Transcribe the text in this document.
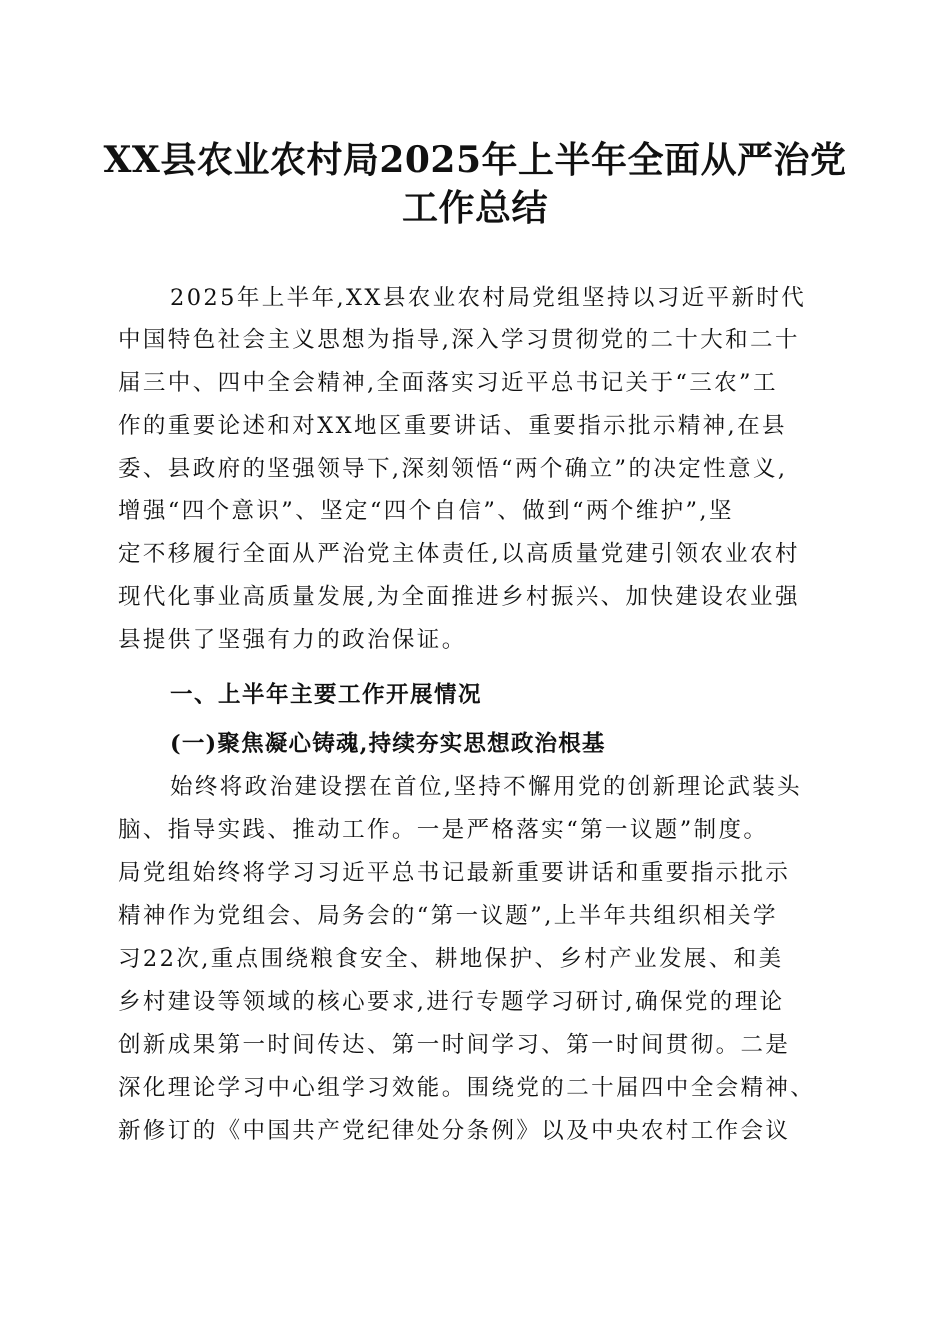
XX县农业农村局2025年上半年全面从严治党
工作总结

2025年上半年,XX县农业农村局党组坚持以习近平新时代

中国特色社会主义思想为指导,深入学习贯彻党的二十大和二十

届三中、四中全会精神,全面落实习近平总书记关于“三农”工

作的重要论述和对XX地区重要讲话、重要指示批示精神,在县

委、县政府的坚强领导下,深刻领悟“两个确立”的决定性意义,

增强“四个意识”、坚定“四个自信”、做到“两个维护”,坚

定不移履行全面从严治党主体责任,以高质量党建引领农业农村

现代化事业高质量发展,为全面推进乡村振兴、加快建设农业强

县提供了坚强有力的政治保证。

一、上半年主要工作开展情况

(一)聚焦凝心铸魂,持续夯实思想政治根基

始终将政治建设摆在首位,坚持不懈用党的创新理论武装头

脑、指导实践、推动工作。一是严格落实“第一议题”制度。

局党组始终将学习习近平总书记最新重要讲话和重要指示批示

精神作为党组会、局务会的“第一议题”,上半年共组织相关学

习22次,重点围绕粮食安全、耕地保护、乡村产业发展、和美

乡村建设等领域的核心要求,进行专题学习研讨,确保党的理论

创新成果第一时间传达、第一时间学习、第一时间贯彻。二是

深化理论学习中心组学习效能。围绕党的二十届四中全会精神、

新修订的《中国共产党纪律处分条例》以及中央农村工作会议
